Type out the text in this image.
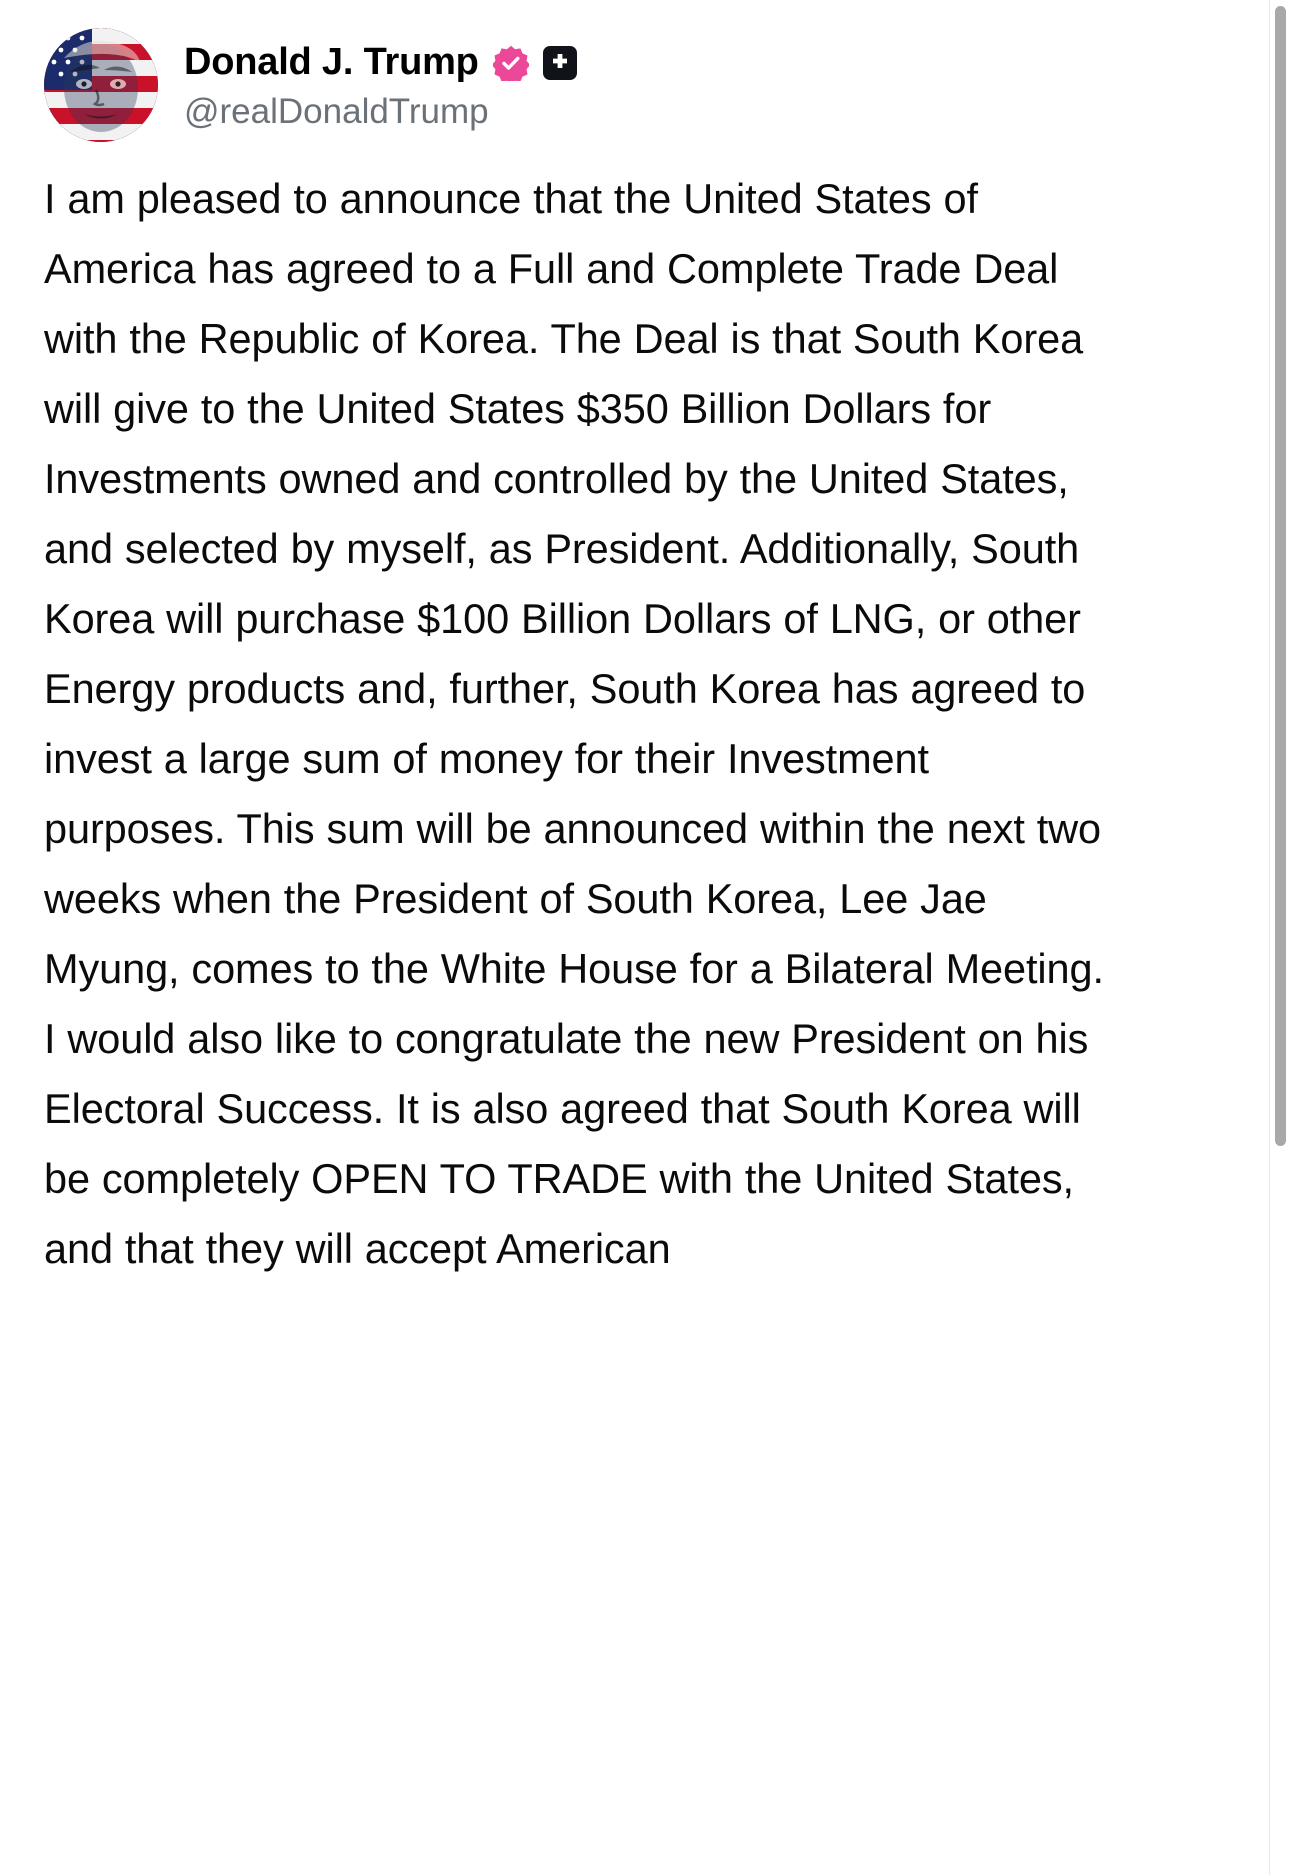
Donald J. Trump
@realDonaldTrump
I am pleased to announce that the United States of America has agreed to a Full and Complete Trade Deal with the Republic of Korea. The Deal is that South Korea will give to the United States $350 Billion Dollars for Investments owned and controlled by the United States, and selected by myself, as President. Additionally, South Korea will purchase $100 Billion Dollars of LNG, or other Energy products and, further, South Korea has agreed to invest a large sum of money for their Investment purposes. This sum will be announced within the next two weeks when the President of South Korea, Lee Jae Myung, comes to the White House for a Bilateral Meeting. I would also like to congratulate the new President on his Electoral Success. It is also agreed that South Korea will be completely OPEN TO TRADE with the United States, and that they will accept American
